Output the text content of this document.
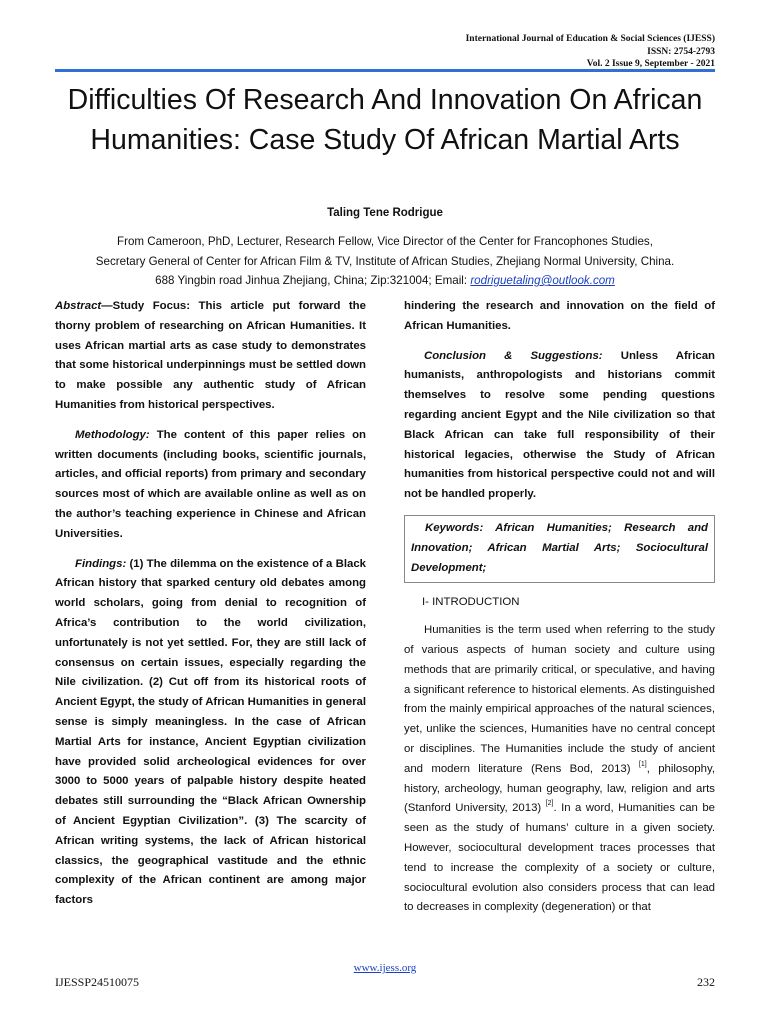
International Journal of Education & Social Sciences (IJESS)
ISSN: 2754-2793
Vol. 2 Issue 9, September - 2021
Difficulties Of Research And Innovation On African Humanities: Case Study Of African Martial Arts
Taling Tene Rodrigue
From Cameroon, PhD, Lecturer, Research Fellow, Vice Director of the Center for Francophones Studies,
Secretary General of Center for African Film & TV, Institute of African Studies, Zhejiang Normal University, China.
688 Yingbin road Jinhua Zhejiang, China; Zip:321004; Email: rodriguetaling@outlook.com

Abstract—Study Focus: This article put forward the thorny problem of researching on African Humanities. It uses African martial arts as case study to demonstrates that some historical underpinnings must be settled down to make possible any authentic study of African Humanities from historical perspectives.

Methodology: The content of this paper relies on written documents (including books, scientific journals, articles, and official reports) from primary and secondary sources most of which are available online as well as on the author’s teaching experience in Chinese and African Universities.

Findings: (1) The dilemma on the existence of a Black African history that sparked century old debates among world scholars, going from denial to recognition of Africa’s contribution to the world civilization, unfortunately is not yet settled. For, they are still lack of consensus on certain issues, especially regarding the Nile civilization. (2) Cut off from its historical roots of Ancient Egypt, the study of African Humanities in general sense is simply meaningless. In the case of African Martial Arts for instance, Ancient Egyptian civilization have provided solid archeological evidences for over 3000 to 5000 years of palpable history despite heated debates still surrounding the “Black African Ownership of Ancient Egyptian Civilization”. (3) The scarcity of African writing systems, the lack of African historical classics, the geographical vastitude and the ethnic complexity of the African continent are among major factors

hindering the research and innovation on the field of African Humanities.

Conclusion & Suggestions: Unless African humanists, anthropologists and historians commit themselves to resolve some pending questions regarding ancient Egypt and the Nile civilization so that Black African can take full responsibility of their historical legacies, otherwise the Study of African humanities from historical perspective could not and will not be handled properly.

Keywords: African Humanities; Research and Innovation; African Martial Arts; Sociocultural Development;
I- INTRODUCTION

Humanities is the term used when referring to the study of various aspects of human society and culture using methods that are primarily critical, or speculative, and having a significant reference to historical elements. As distinguished from the mainly empirical approaches of the natural sciences, yet, unlike the sciences, Humanities have no central concept or disciplines. The Humanities include the study of ancient and modern literature (Rens Bod, 2013) [1], philosophy, history, archeology, human geography, law, religion and arts (Stanford University, 2013) [2]. In a word, Humanities can be seen as the study of humans’ culture in a given society. However, sociocultural development traces processes that tend to increase the complexity of a society or culture, sociocultural evolution also considers process that can lead to decreases in complexity (degeneration) or that

www.ijess.org
IJESSP24510075	232
